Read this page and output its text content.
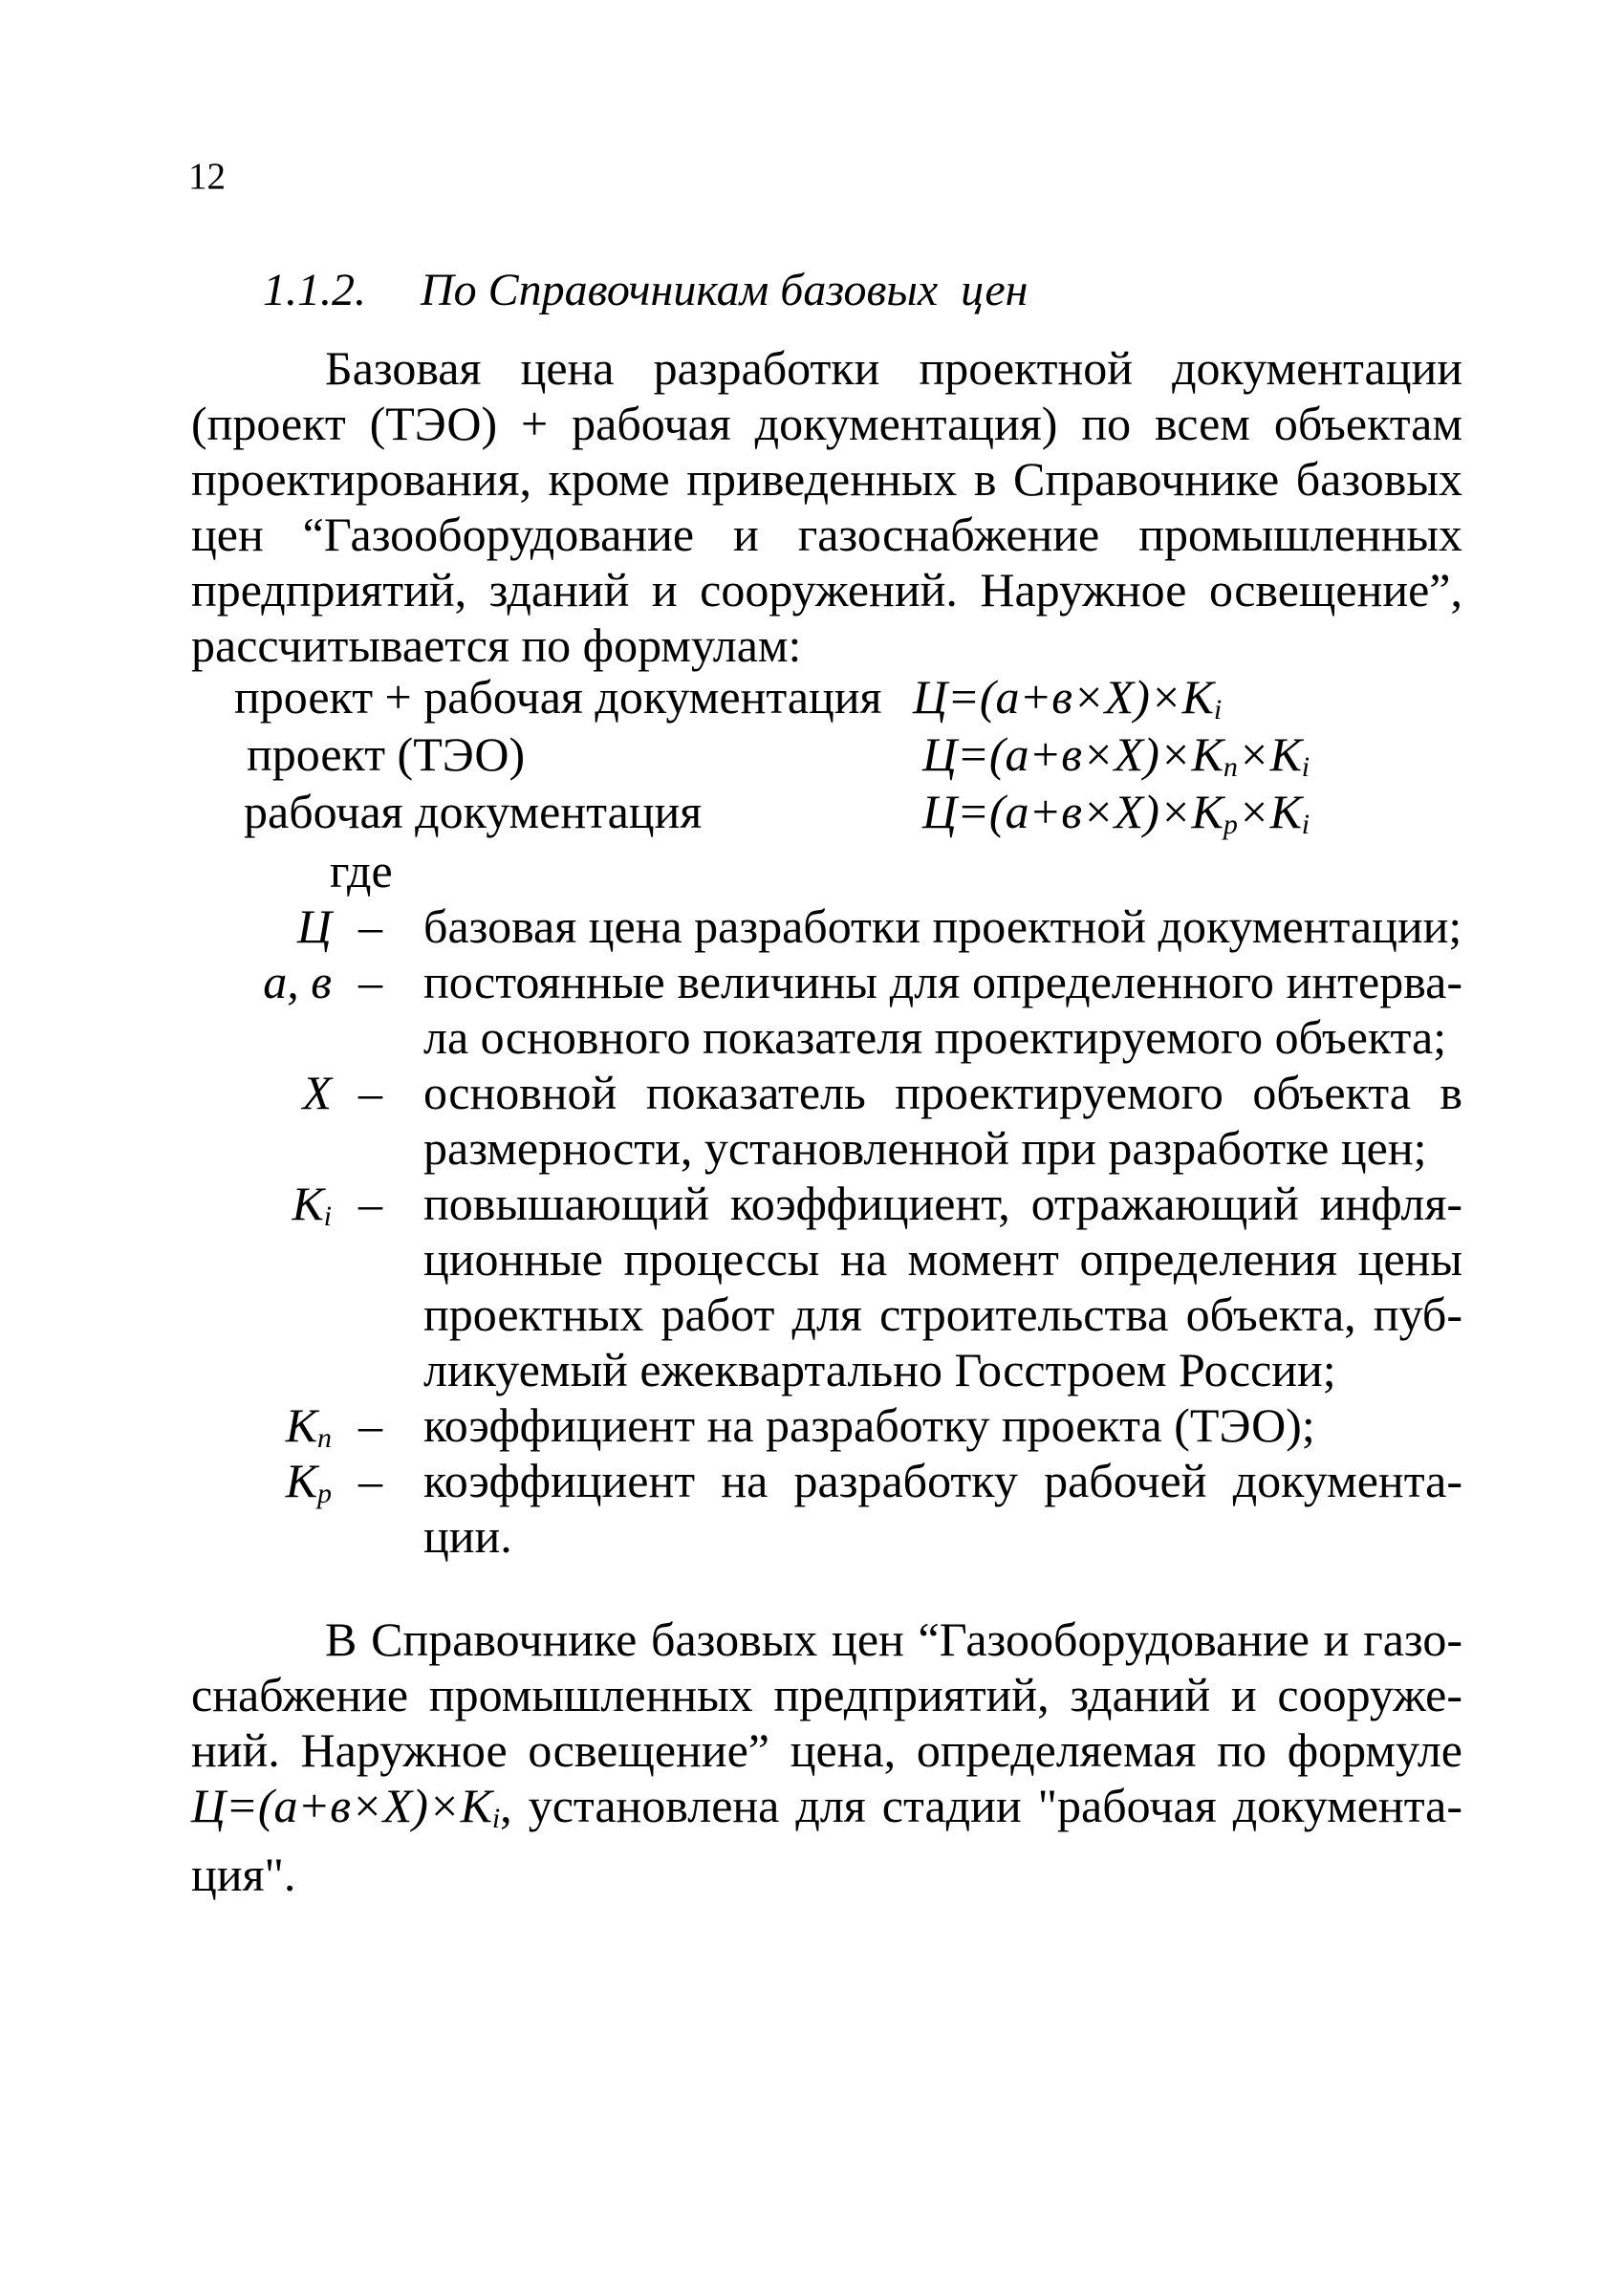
12
1.1.2. По Справочникам базовых  цен
Базовая цена разработки проектной документации
(проект (ТЭО) + рабочая документация) по всем объектам
проектирования, кроме приведенных в Справочнике базовых
цен “Газооборудование и газоснабжение промышленных
предприятий, зданий и сооружений. Наружное освещение”,
рассчитывается по формулам:
проект + рабочая документация $Ц=(а+в\times Х)\times К_i$
проект (ТЭО)	$Ц=(а+в\times Х)\times К_п\times К_i$
рабочая документация	$Ц=(а+в\times Х)\times К_р\times К_i$
где
Ц – базовая цена разработки проектной документации;
а, в – постоянные величины для определенного интерва-
ла основного показателя проектируемого объекта;
Х – основной показатель проектируемого объекта в
размерности, установленной при разработке цен;
$К_i$ – повышающий коэффициент, отражающий инфля-
ционные процессы на момент определения цены
проектных работ для строительства объекта, пуб-
ликуемый ежеквартально Госстроем России;
$К_п$ – коэффициент на разработку проекта (ТЭО);
$К_р$ – коэффициент на разработку рабочей документа-
ции.
В Справочнике базовых цен “Газооборудование и газо-
снабжение промышленных предприятий, зданий и сооруже-
ний. Наружное освещение” цена, определяемая по формуле
$Ц=(а+в\times Х)\times К_i$, установлена для стадии "рабочая документа-
ция".
